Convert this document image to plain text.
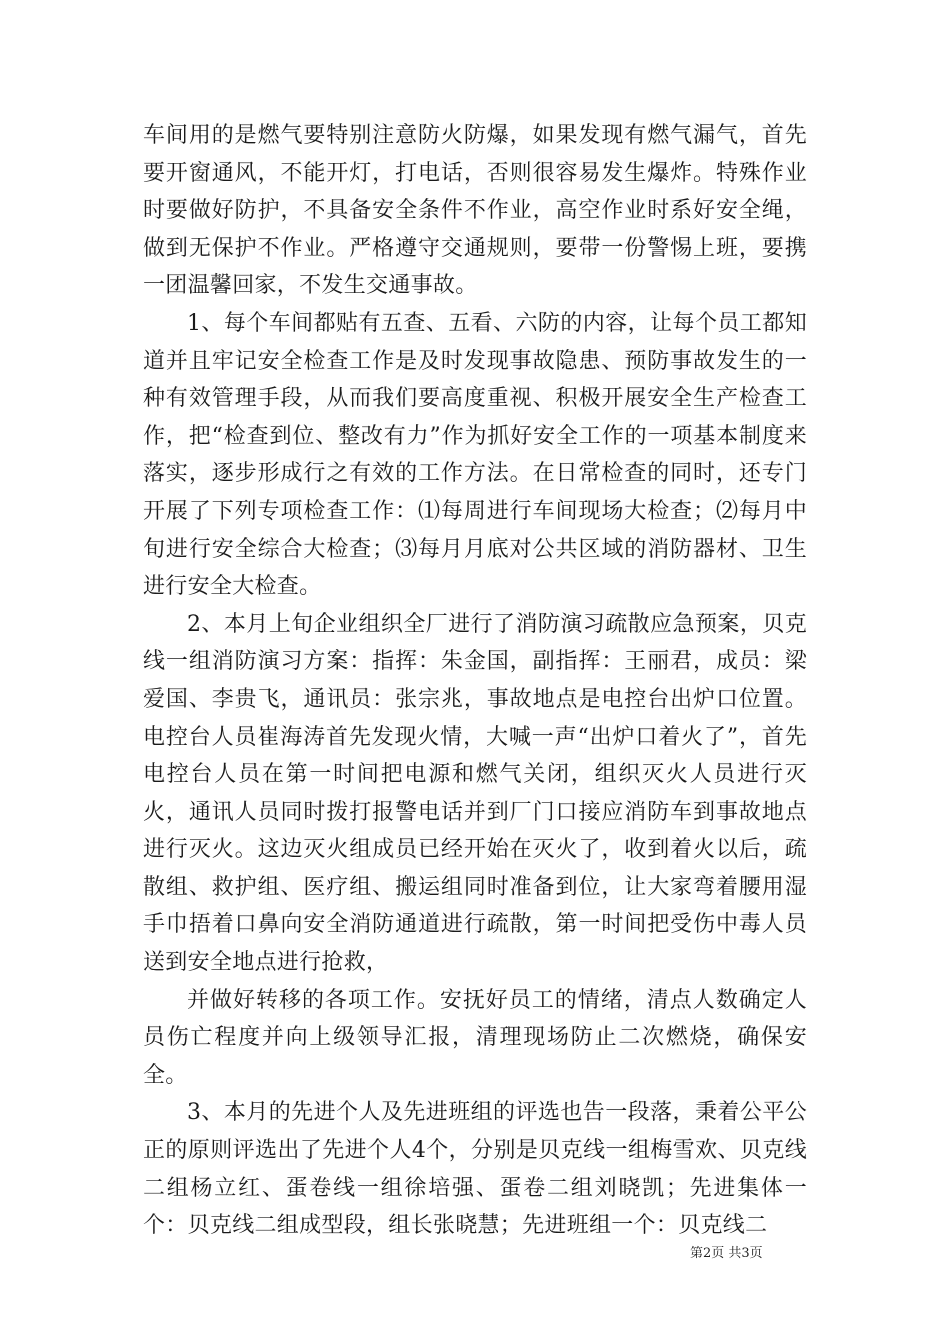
车间用的是燃气要特别注意防火防爆，如果发现有燃气漏气，首先要开窗通风，不能开灯，打电话，否则很容易发生爆炸。特殊作业时要做好防护，不具备安全条件不作业，高空作业时系好安全绳，做到无保护不作业。严格遵守交通规则，要带一份警惕上班，要携一团温馨回家，不发生交通事故。

1、每个车间都贴有五查、五看、六防的内容，让每个员工都知道并且牢记安全检查工作是及时发现事故隐患、预防事故发生的一种有效管理手段，从而我们要高度重视、积极开展安全生产检查工作，把“检查到位、整改有力”作为抓好安全工作的一项基本制度来落实，逐步形成行之有效的工作方法。在日常检查的同时，还专门开展了下列专项检查工作：⑴每周进行车间现场大检查；⑵每月中旬进行安全综合大检查；⑶每月月底对公共区域的消防器材、卫生进行安全大检查。

2、本月上旬企业组织全厂进行了消防演习疏散应急预案，贝克线一组消防演习方案：指挥：朱金国，副指挥：王丽君，成员：梁爱国、李贵飞，通讯员：张宗兆，事故地点是电控台出炉口位置。电控台人员崔海涛首先发现火情，大喊一声“出炉口着火了”，首先电控台人员在第一时间把电源和燃气关闭，组织灭火人员进行灭火，通讯人员同时拨打报警电话并到厂门口接应消防车到事故地点进行灭火。这边灭火组成员已经开始在灭火了，收到着火以后，疏散组、救护组、医疗组、搬运组同时准备到位，让大家弯着腰用湿手巾捂着口鼻向安全消防通道进行疏散，第一时间把受伤中毒人员送到安全地点进行抢救，

并做好转移的各项工作。安抚好员工的情绪，清点人数确定人员伤亡程度并向上级领导汇报，清理现场防止二次燃烧，确保安全。

3、本月的先进个人及先进班组的评选也告一段落，秉着公平公正的原则评选出了先进个人4个，分别是贝克线一组梅雪欢、贝克线二组杨立红、蛋卷线一组徐培强、蛋卷二组刘晓凯；先进集体一个：贝克线二组成型段，组长张晓慧；先进班组一个：贝克线二

第2页 共3页
